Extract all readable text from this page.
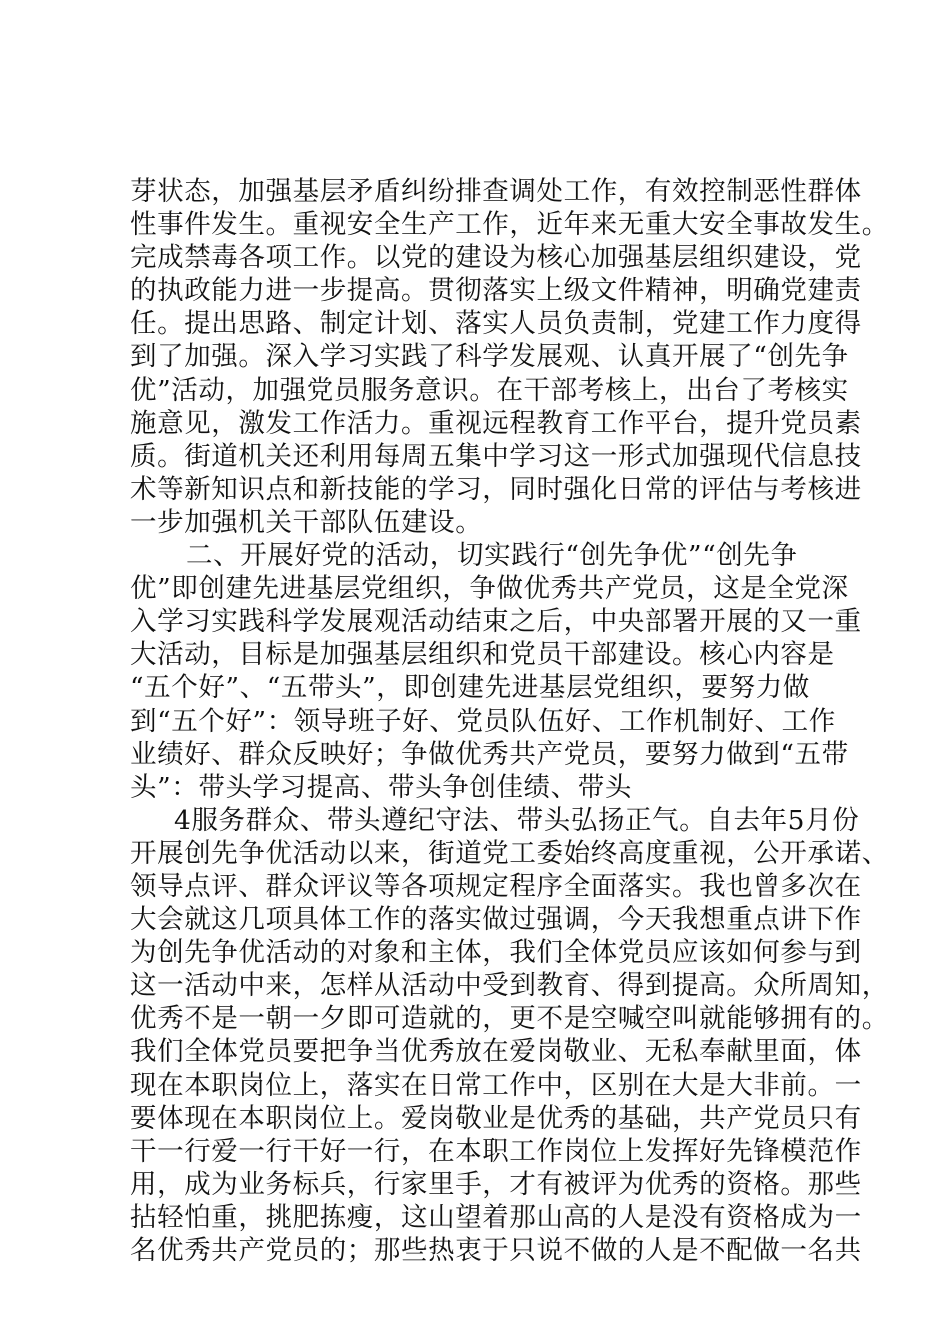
芽状态，加强基层矛盾纠纷排查调处工作，有效控制恶性群体
性事件发生。重视安全生产工作，近年来无重大安全事故发生。
完成禁毒各项工作。以党的建设为核心加强基层组织建设，党
的执政能力进一步提高。贯彻落实上级文件精神，明确党建责
任。提出思路、制定计划、落实人员负责制，党建工作力度得
到了加强。深入学习实践了科学发展观、认真开展了“创先争
优”活动，加强党员服务意识。在干部考核上，出台了考核实
施意见，激发工作活力。重视远程教育工作平台，提升党员素
质。街道机关还利用每周五集中学习这一形式加强现代信息技
术等新知识点和新技能的学习，同时强化日常的评估与考核进
一步加强机关干部队伍建设。
二、开展好党的活动，切实践行“创先争优”“创先争
优”即创建先进基层党组织，争做优秀共产党员，这是全党深
入学习实践科学发展观活动结束之后，中央部署开展的又一重
大活动，目标是加强基层组织和党员干部建设。核心内容是
“五个好”、“五带头”，即创建先进基层党组织，要努力做
到“五个好”：领导班子好、党员队伍好、工作机制好、工作
业绩好、群众反映好；争做优秀共产党员，要努力做到“五带
头”：带头学习提高、带头争创佳绩、带头
4服务群众、带头遵纪守法、带头弘扬正气。自去年5月份
开展创先争优活动以来，街道党工委始终高度重视，公开承诺、
领导点评、群众评议等各项规定程序全面落实。我也曾多次在
大会就这几项具体工作的落实做过强调，今天我想重点讲下作
为创先争优活动的对象和主体，我们全体党员应该如何参与到
这一活动中来，怎样从活动中受到教育、得到提高。众所周知，
优秀不是一朝一夕即可造就的，更不是空喊空叫就能够拥有的。
我们全体党员要把争当优秀放在爱岗敬业、无私奉献里面，体
现在本职岗位上，落实在日常工作中，区别在大是大非前。一
要体现在本职岗位上。爱岗敬业是优秀的基础，共产党员只有
干一行爱一行干好一行，在本职工作岗位上发挥好先锋模范作
用，成为业务标兵，行家里手，才有被评为优秀的资格。那些
拈轻怕重，挑肥拣瘦，这山望着那山高的人是没有资格成为一
名优秀共产党员的；那些热衷于只说不做的人是不配做一名共
